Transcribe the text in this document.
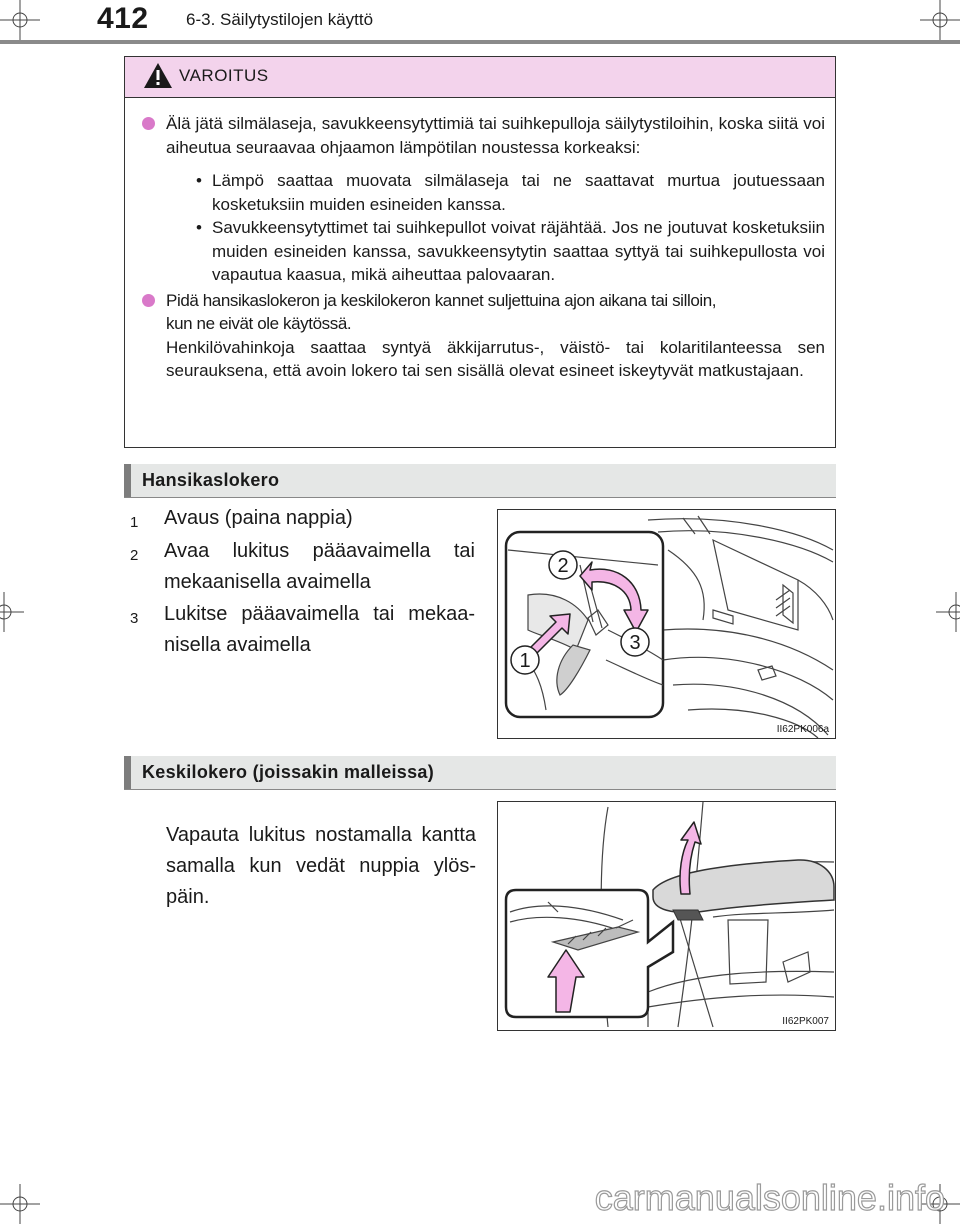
412 6-3. Säilytystilojen käyttö
VAROITUS
Älä jätä silmälaseja, savukkeensytyttimiä tai suihkepulloja säilytystiloihin, koska siitä voi aiheutua seuraavaa ohjaamon lämpötilan noustessa korkeaksi:
• Lämpö saattaa muovata silmälaseja tai ne saattavat murtua joutuessaan kosketuksiin muiden esineiden kanssa.
• Savukkeensytyttimet tai suihkepullot voivat räjähtää. Jos ne joutuvat kosketuksiin muiden esineiden kanssa, savukkeensytytin saattaa syttyä tai suihkepullosta voi vapautua kaasua, mikä aiheuttaa palovaaran.
Pidä hansikaslokeron ja keskilokeron kannet suljettuina ajon aikana tai silloin,
kun ne eivät ole käytössä.
Henkilövahinkoja saattaa syntyä äkkijarrutus-, väistö- tai kolaritilanteessa sen seurauksena, että avoin lokero tai sen sisällä olevat esineet iskeytyvät matkustajaan.
Hansikaslokero
1 Avaus (paina nappia)
2 Avaa lukitus pääavaimella tai mekaanisella avaimella
3 Lukitse pääavaimella tai mekaanisella avaimella
2
3
1
II62PK006a
Keskilokero (joissakin malleissa)
Vapauta lukitus nostamalla kantta samalla kun vedät nuppia ylöspäin.
II62PK007
carmanualsonline.info
